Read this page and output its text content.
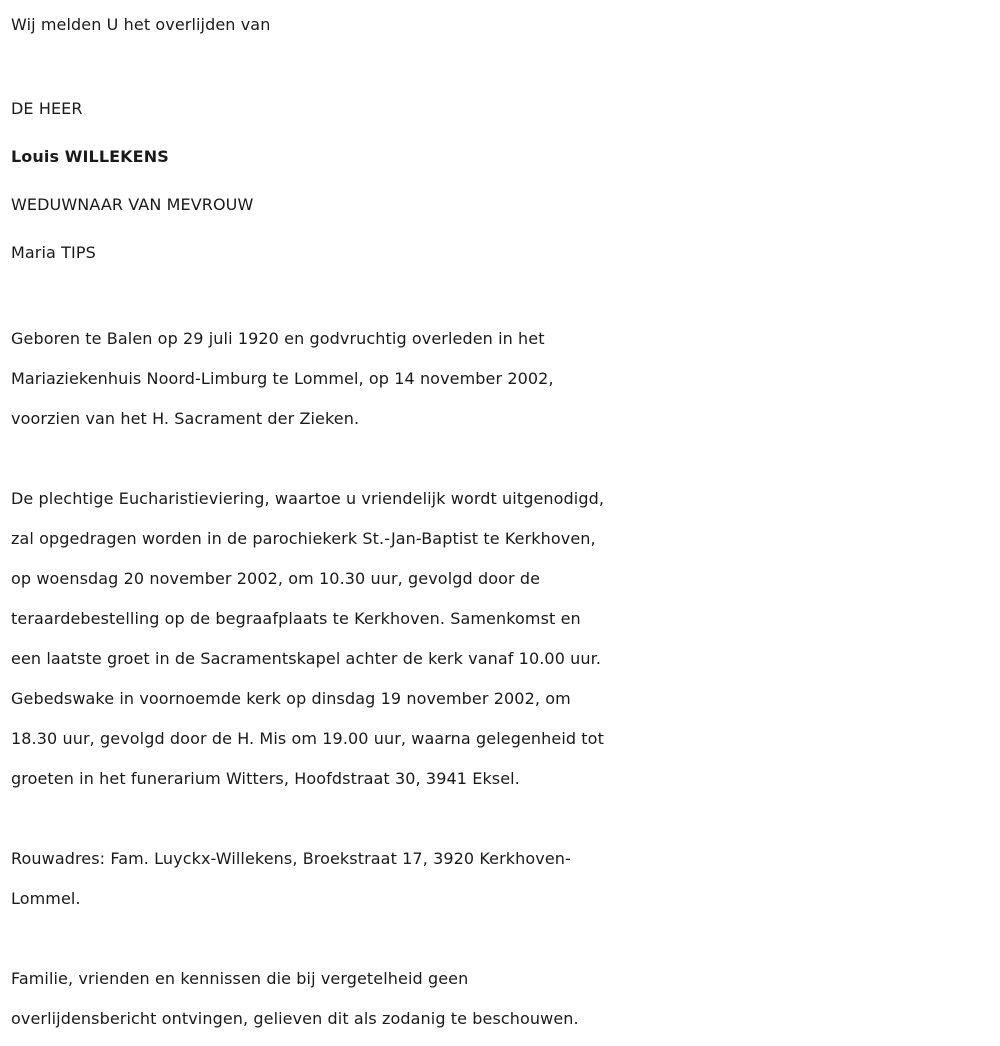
Wij melden U het overlijden van
DE HEER
Louis WILLEKENS
WEDUWNAAR VAN MEVROUW
Maria TIPS
Geboren te Balen op 29 juli 1920 en godvruchtig overleden in het
Mariaziekenhuis Noord-Limburg te Lommel, op 14 november 2002,
voorzien van het H. Sacrament der Zieken.
De plechtige Eucharistieviering, waartoe u vriendelijk wordt uitgenodigd,
zal opgedragen worden in de parochiekerk St.-Jan-Baptist te Kerkhoven,
op woensdag 20 november 2002, om 10.30 uur, gevolgd door de
teraardebestelling op de begraafplaats te Kerkhoven. Samenkomst en
een laatste groet in de Sacramentskapel achter de kerk vanaf 10.00 uur.
Gebedswake in voornoemde kerk op dinsdag 19 november 2002, om
18.30 uur, gevolgd door de H. Mis om 19.00 uur, waarna gelegenheid tot
groeten in het funerarium Witters, Hoofdstraat 30, 3941 Eksel.
Rouwadres: Fam. Luyckx-Willekens, Broekstraat 17, 3920 Kerkhoven-
Lommel.
Familie, vrienden en kennissen die bij vergetelheid geen
overlijdensbericht ontvingen, gelieven dit als zodanig te beschouwen.
